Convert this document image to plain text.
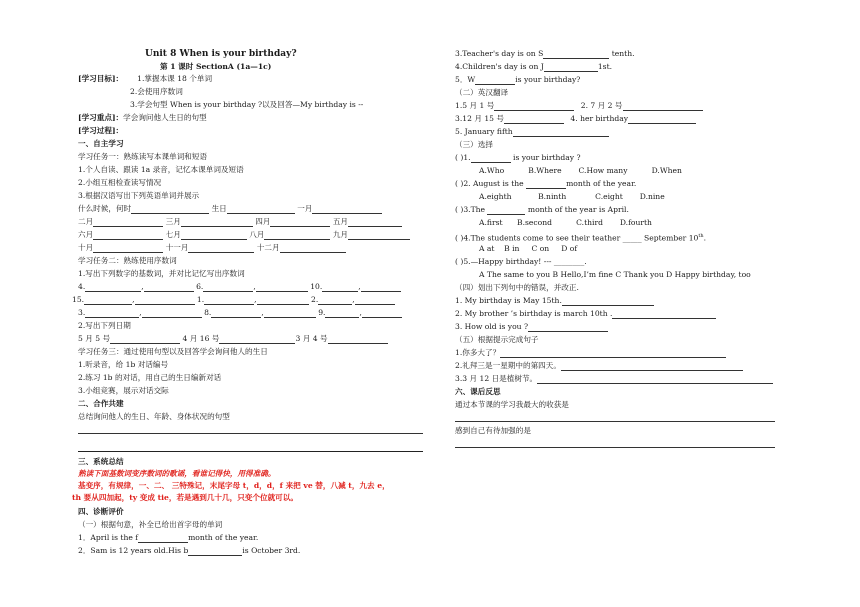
Unit 8 When is your birthday?
第 1 课时 SectionA (1a—1c)
[学习目标]： 1.掌握本课 18 个单词
2.会使用序数词
3.学会句型 When is your birthday ?以及回答—My birthday is --
[学习重点]：学会询问他人生日的句型
[学习过程]：
一、自主学习
学习任务一：熟练读写本课单词和短语
1.个人自读、跟读 1a 录音，记忆本课单词及短语
2.小组互相检查读写情况
3.根据汉语写出下列英语单词并展示
什么时候，何时	生日	一月
二月	三月	四月	五月
六月	七月	八月	九月
十月	十一月	十二月
学习任务二：熟练使用序数词
1.写出下列数字的基数词，并对比记忆写出序数词
4.	,	6.	,	10.	,
15.	,	1.	,	2.	,
3.	,	8.	,	9.	,
2.写出下列日期
5 月 5 号	4 月 16 号	3 月 4 号
学习任务三：通过使用句型以及回答学会询问他人的生日
1.听录音，给 1b 对话编号
2.练习 1b 的对话，用自己的生日编新对话
3.小组竞赛，展示对话交际
二、合作共建
总结询问他人的生日、年龄、身体状况的句型
三、系统总结
熟读下面基数词变序数词的歌谣，看谁记得快，用得准确。
基变序，有规律，一、二、 三特殊记，末尾字母 t，d，d，f 来把 ve 替，八减 t，九去 e，
th 要从四加起，ty 变成 tie，若是遇到几十几，只变个位就可以。
四、诊断评价
（一）根据句意，补全已给出首字母的单词
1．April is the f	month of the year.
2．Sam is 12 years old.His b	is October 3rd.
3.Teacher's day is on S	tenth.
4.Children's day is on J	1st.
5．W	is your birthday?
（二）英汉翻译
1.5 月 1 号	2. 7 月 2 号
3.12 月 15 号	4. her birthday
5. January fifth
（三）选择
( )1.	is your birthday ?
A.Who          B.Where       C.How many          D.When
( )2. August is the	month of the year.
A.eighth           B.ninth            C.eight       D.nine
( )3.The	month of the year is April.
A.first      B.second          C.third       D.fourth
( )4.The students come to see their teather _____ September 10th.
A at    B in     C on     D of
( )5.—Happy birthday! --- ________.
A The same to you B Hello,I’m fine C Thank you D Happy birthday, too
（四）划出下列句中的错误，并改正.
1. My birthday is May 15th.
2. My brother ’s birthday is march 10th .
3. How old is you ?
（五）根据提示完成句子
1.你多大了？
2.礼拜三是一星期中的第四天。
3.3 月 12 日是植树节。
六、课后反思
通过本节课的学习我最大的收获是
感到自己有待加强的是
